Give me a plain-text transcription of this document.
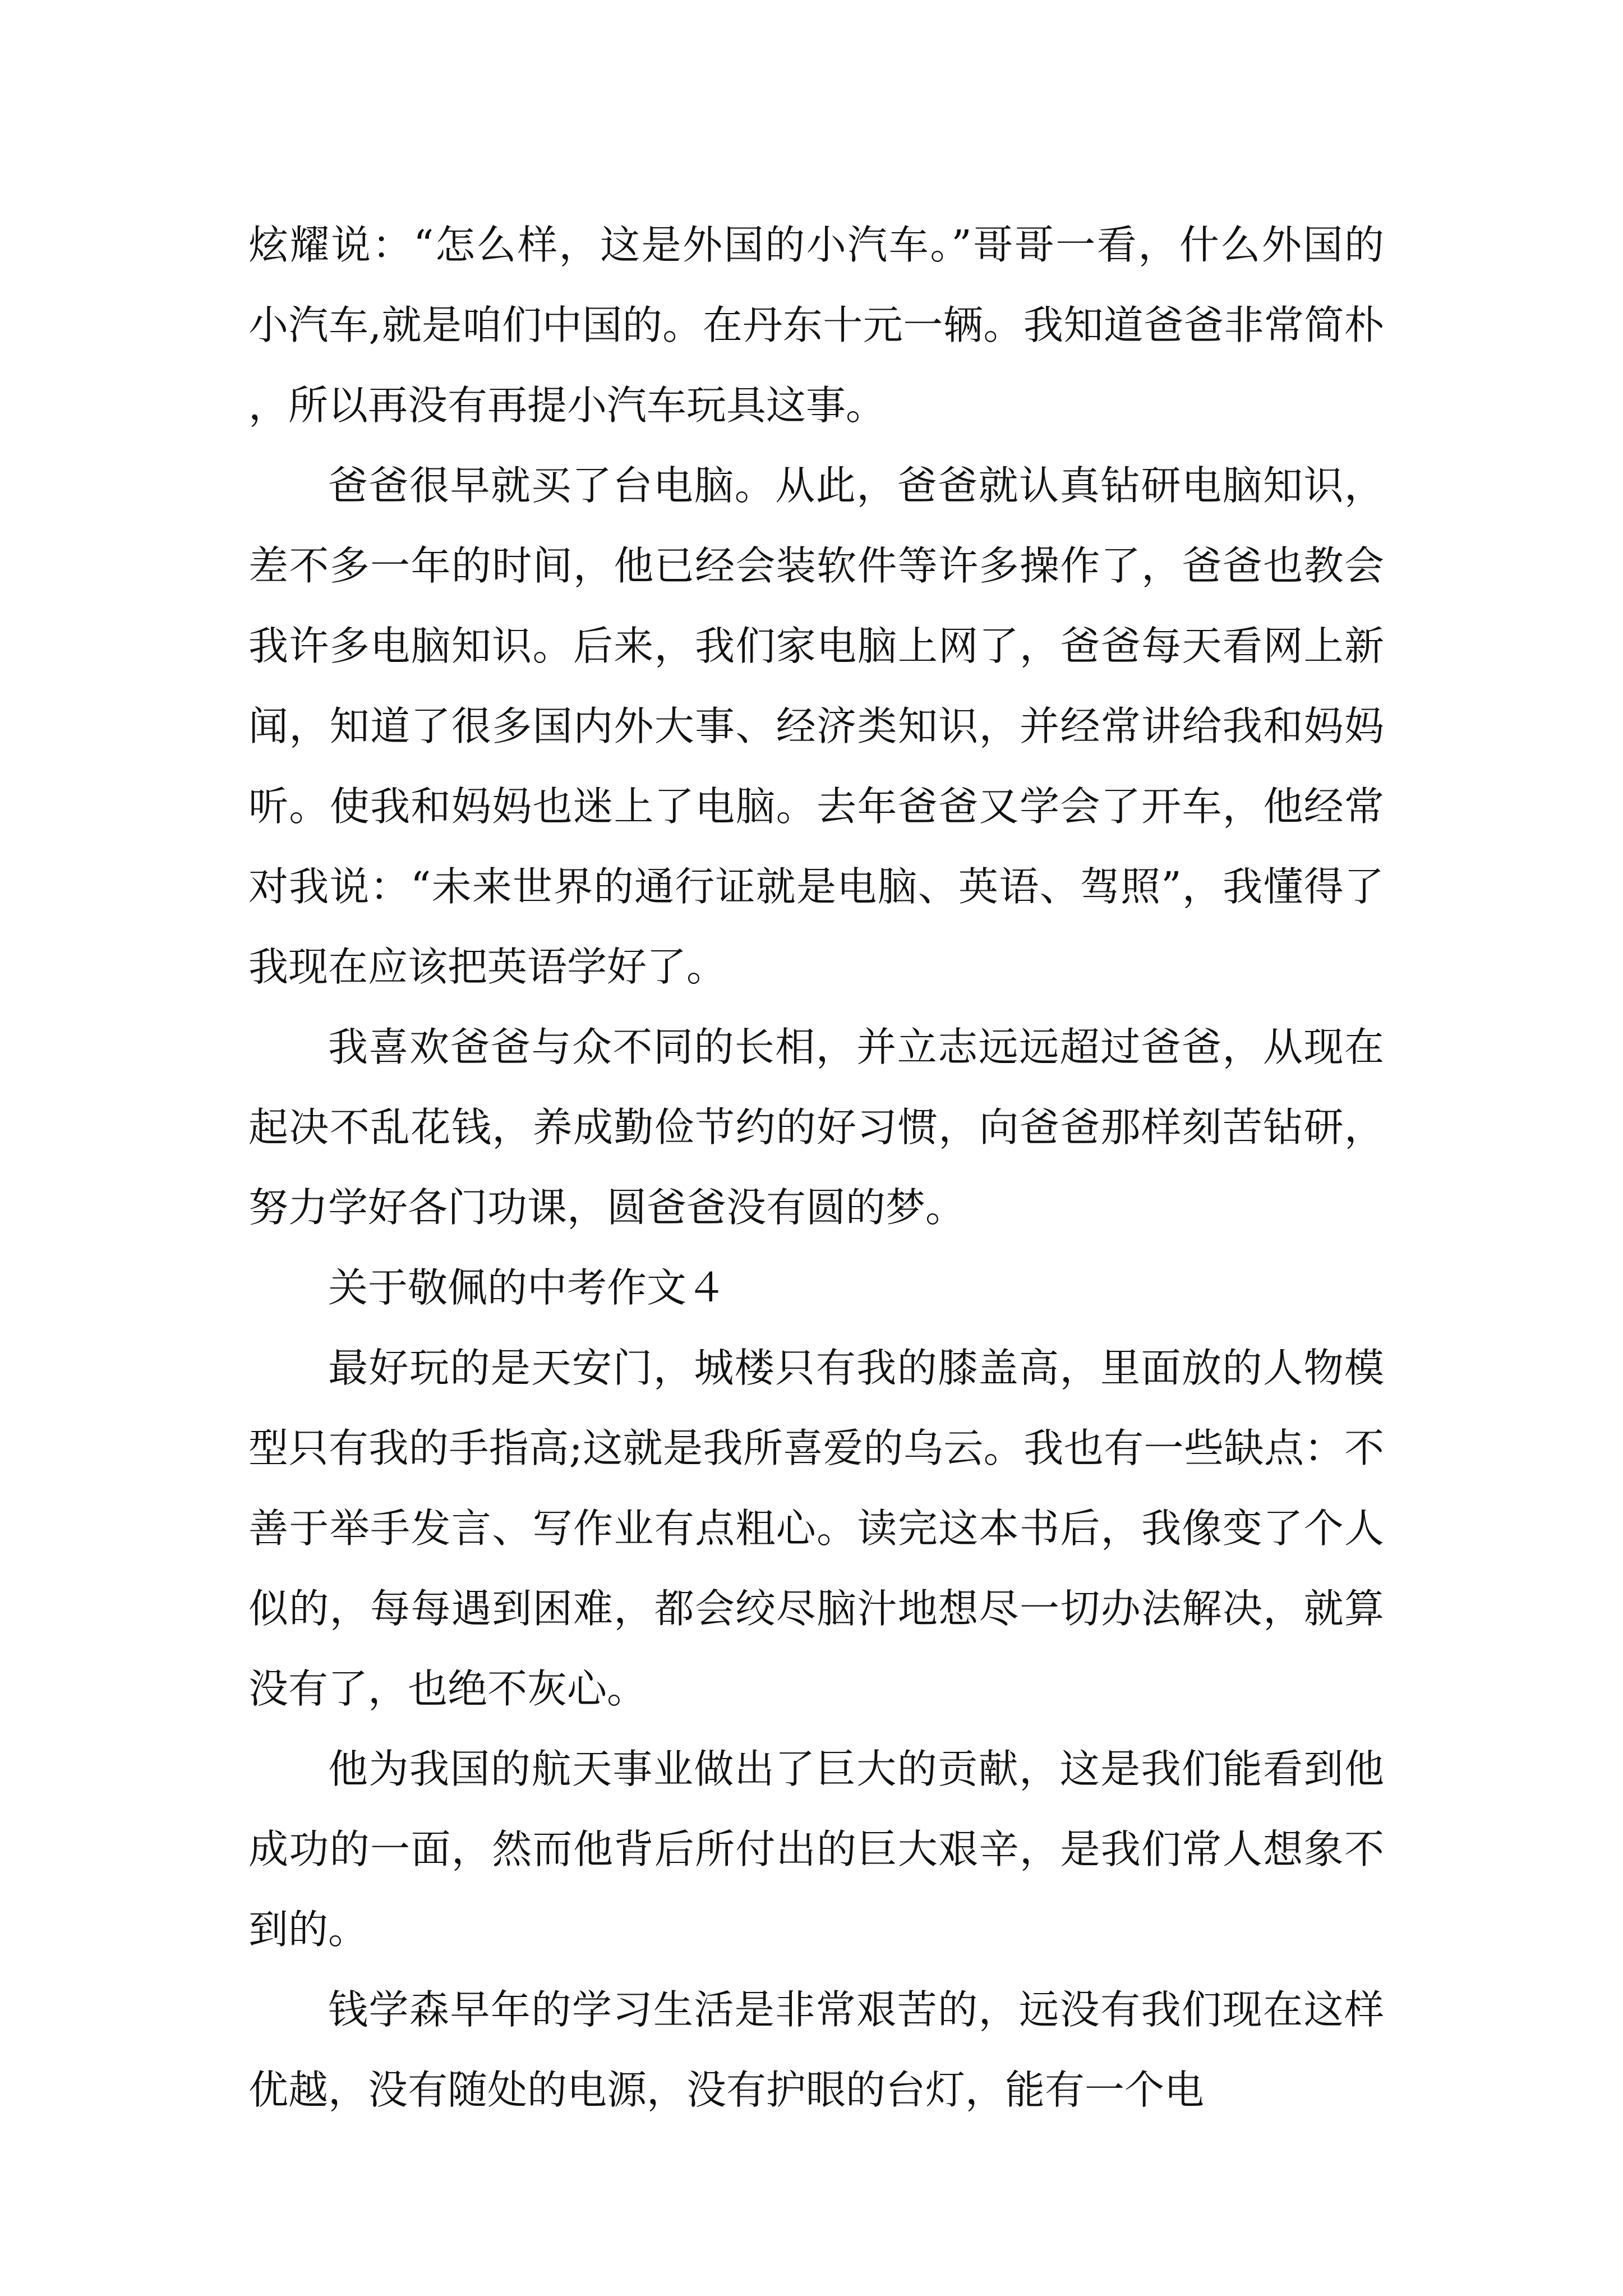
炫耀说：“怎么样，这是外国的小汽车。”哥哥一看，什么外国的小汽车,就是咱们中国的。在丹东十元一辆。我知道爸爸非常简朴，所以再没有再提小汽车玩具这事。

爸爸很早就买了台电脑。从此，爸爸就认真钻研电脑知识，差不多一年的时间，他已经会装软件等许多操作了，爸爸也教会我许多电脑知识。后来，我们家电脑上网了，爸爸每天看网上新闻，知道了很多国内外大事、经济类知识，并经常讲给我和妈妈听。使我和妈妈也迷上了电脑。去年爸爸又学会了开车，他经常对我说：“未来世界的通行证就是电脑、英语、驾照”，我懂得了我现在应该把英语学好了。

我喜欢爸爸与众不同的长相，并立志远远超过爸爸，从现在起决不乱花钱，养成勤俭节约的好习惯，向爸爸那样刻苦钻研，努力学好各门功课，圆爸爸没有圆的梦。

关于敬佩的中考作文４

最好玩的是天安门，城楼只有我的膝盖高，里面放的人物模型只有我的手指高;这就是我所喜爱的乌云。我也有一些缺点：不善于举手发言、写作业有点粗心。读完这本书后，我像变了个人似的，每每遇到困难，都会绞尽脑汁地想尽一切办法解决，就算没有了，也绝不灰心。

他为我国的航天事业做出了巨大的贡献，这是我们能看到他成功的一面，然而他背后所付出的巨大艰辛，是我们常人想象不到的。

钱学森早年的学习生活是非常艰苦的，远没有我们现在这样优越，没有随处的电源，没有护眼的台灯，能有一个电
